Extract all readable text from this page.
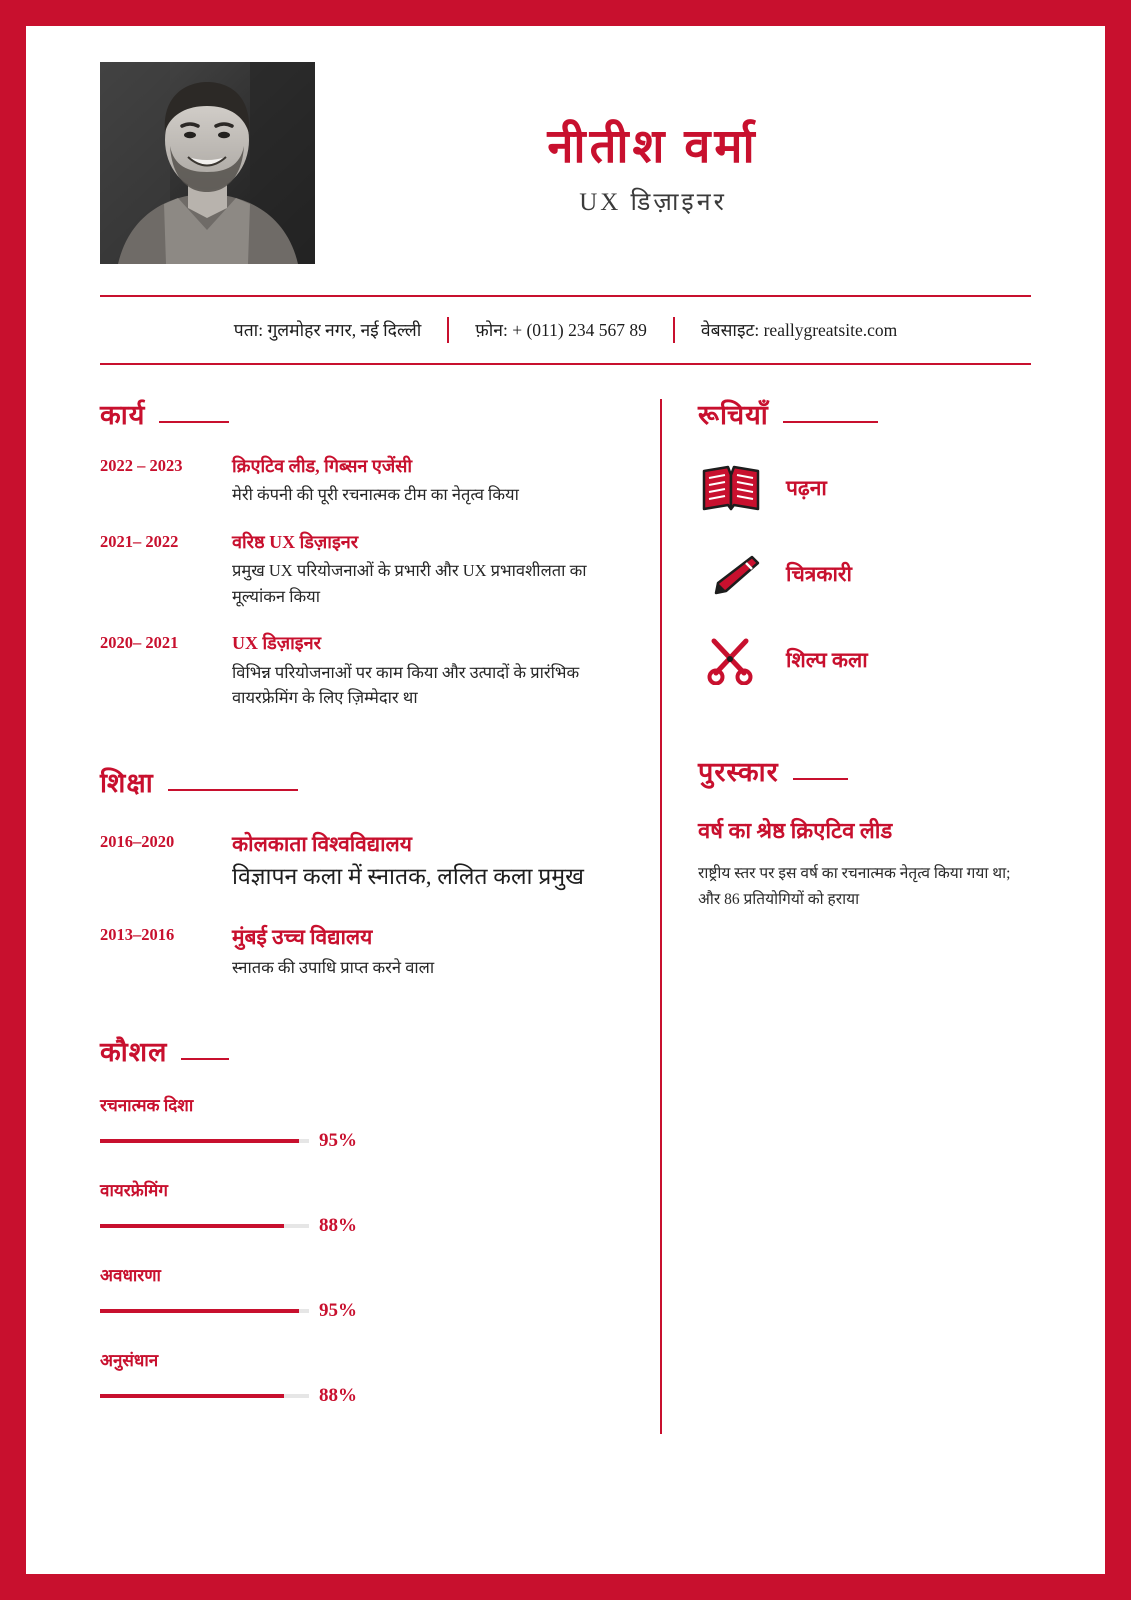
नीतीश वर्मा
UX डिज़ाइनर
पता: गुलमोहर नगर, नई दिल्ली	फ़ोन: + (011) 234 567 89	वेबसाइट: reallygreatsite.com
कार्य
2022 – 2023	क्रिएटिव लीड, गिब्सन एजेंसी
मेरी कंपनी की पूरी रचनात्मक टीम का नेतृत्व किया
2021– 2022	वरिष्ठ UX डिज़ाइनर
प्रमुख UX परियोजनाओं के प्रभारी और UX प्रभावशीलता का मूल्यांकन किया
2020– 2021	UX डिज़ाइनर
विभिन्न परियोजनाओं पर काम किया और उत्पादों के प्रारंभिक वायरफ्रेमिंग के लिए ज़िम्मेदार था
शिक्षा
2016–2020	कोलकाता विश्वविद्यालय
विज्ञापन कला में स्नातक, ललित कला प्रमुख
2013–2016	मुंबई उच्च विद्यालय
स्नातक की उपाधि प्राप्त करने वाला
कौशल
रचनात्मक दिशा
95%
वायरफ्रेमिंग
88%
अवधारणा
95%
अनुसंधान
88%
रूचियाँ
पढ़ना
चित्रकारी
शिल्प कला
पुरस्कार
वर्ष का श्रेष्ठ क्रिएटिव लीड
राष्ट्रीय स्तर पर इस वर्ष का रचनात्मक नेतृत्व किया गया था; और 86 प्रतियोगियों को हराया
